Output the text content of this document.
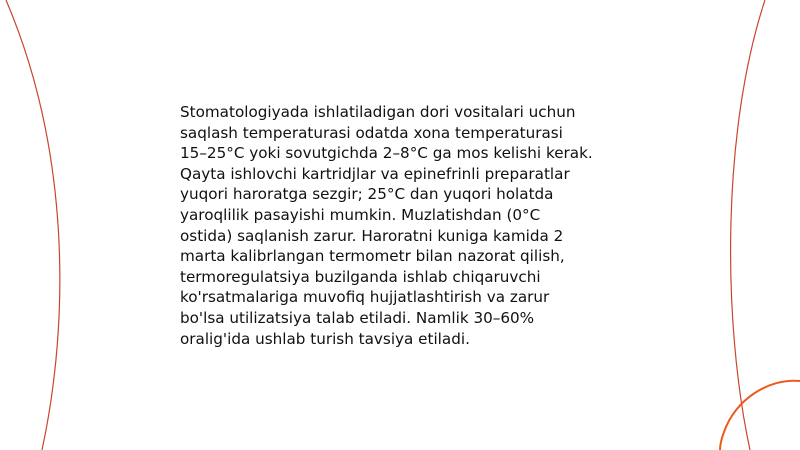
Stomatologiyada ishlatiladigan dori vositalari uchun
saqlash temperaturasi odatda xona temperaturasi
15–25°C yoki sovutgichda 2–8°C ga mos kelishi kerak.
Qayta ishlovchi kartridjlar va epinefrinli preparatlar
yuqori haroratga sezgir; 25°C dan yuqori holatda
yaroqlilik pasayishi mumkin. Muzlatishdan (0°C
ostida) saqlanish zarur. Haroratni kuniga kamida 2
marta kalibrlangan termometr bilan nazorat qilish,
termoregulatsiya buzilganda ishlab chiqaruvchi
ko'rsatmalariga muvofiq hujjatlashtirish va zarur
bo'lsa utilizatsiya talab etiladi. Namlik 30–60%
oralig'ida ushlab turish tavsiya etiladi.
